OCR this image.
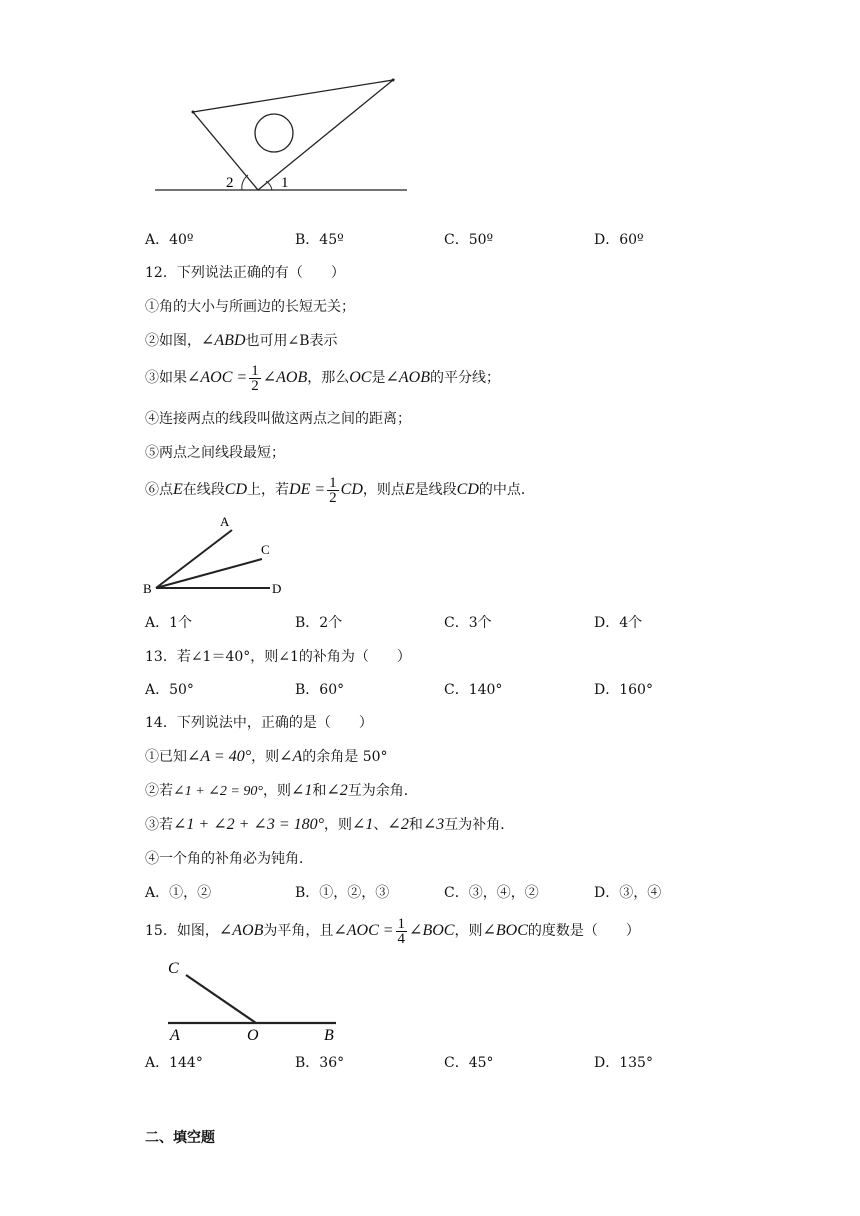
2	1
A．40º	B．45º	C．50º	D．60º
12．下列说法正确的有（　　）
①角的大小与所画边的长短无关；
②如图，∠ABD也可用∠B表示
③如果∠AOC = $\frac{1}{2}$ ∠AOB，那么OC是∠AOB的平分线；
④连接两点的线段叫做这两点之间的距离；
⑤两点之间线段最短；
⑥点E在线段CD上，若DE = $\frac{1}{2}$ CD，则点E是线段CD的中点．
A
C
B	D
A．1个	B．2个	C．3个	D．4个
13．若∠1＝40°，则∠1的补角为（　　）
A．50°	B．60°	C．140°	D．160°
14．下列说法中，正确的是（　　）
①已知∠A = 40°，则∠A的余角是 50°
②若∠1 + ∠2 = 90°，则∠1和∠2互为余角．
③若∠1 + ∠2 + ∠3 = 180°，则∠1、∠2和∠3互为补角．
④一个角的补角必为钝角．
A．①，②	B．①，②，③	C．③，④，②	D．③，④
15．如图，∠AOB为平角，且∠AOC = $\frac{1}{4}$ ∠BOC，则∠BOC的度数是（　　）
C
A	O	B
A．144°	B．36°	C．45°	D．135°
二、填空题
